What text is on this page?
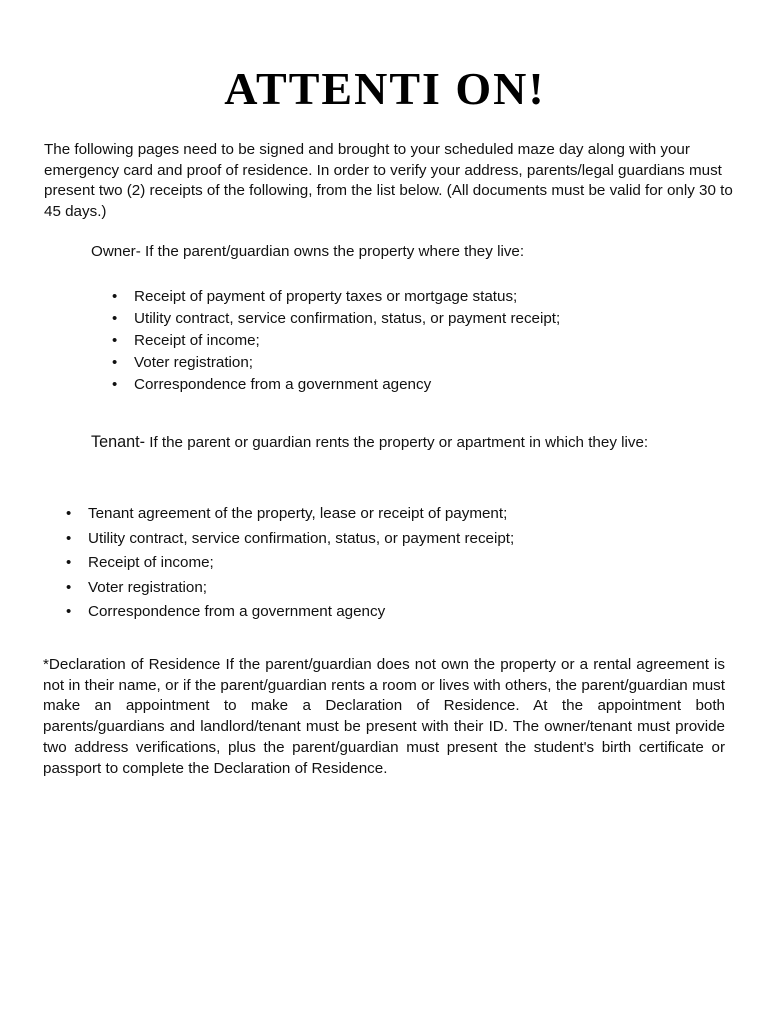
ATTENTI ON!

The following pages need to be signed and brought to your scheduled maze day along with your emergency card and proof of residence. In order to verify your address, parents/legal guardians must present two (2) receipts of the following, from the list below. (All documents must be valid for only 30 to 45 days.)

Owner- If the parent/guardian owns the property where they live:

• Receipt of payment of property taxes or mortgage status;
• Utility contract, service confirmation, status, or payment receipt;
• Receipt of income;
• Voter registration;
• Correspondence from a government agency

Tenant- If the parent or guardian rents the property or apartment in which they live:

• Tenant agreement of the property, lease or receipt of payment;
• Utility contract, service confirmation, status, or payment receipt;
• Receipt of income;
• Voter registration;
• Correspondence from a government agency

*Declaration of Residence If the parent/guardian does not own the property or a rental agreement is not in their name, or if the parent/guardian rents a room or lives with others, the parent/guardian must make an appointment to make a Declaration of Residence. At the appointment both parents/guardians and landlord/tenant must be present with their ID. The owner/tenant must provide two address verifications, plus the parent/guardian must present the student's birth certificate or passport to complete the Declaration of Residence.
